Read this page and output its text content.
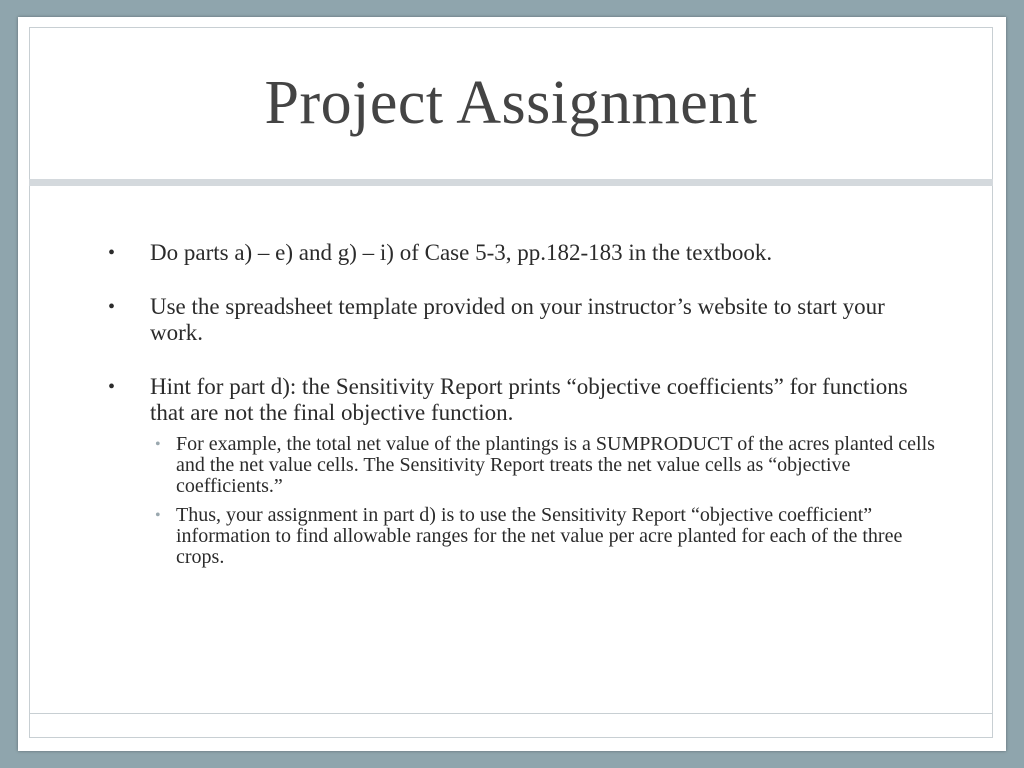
Project Assignment
• Do parts a) – e) and g) – i) of Case 5-3, pp.182-183 in the textbook.
• Use the spreadsheet template provided on your instructor’s website to start your work.
• Hint for part d): the Sensitivity Report prints “objective coefficients” for functions that are not the final objective function.
• For example, the total net value of the plantings is a SUMPRODUCT of the acres planted cells and the net value cells. The Sensitivity Report treats the net value cells as “objective coefficients.”
• Thus, your assignment in part d) is to use the Sensitivity Report “objective coefficient” information to find allowable ranges for the net value per acre planted for each of the three crops.
